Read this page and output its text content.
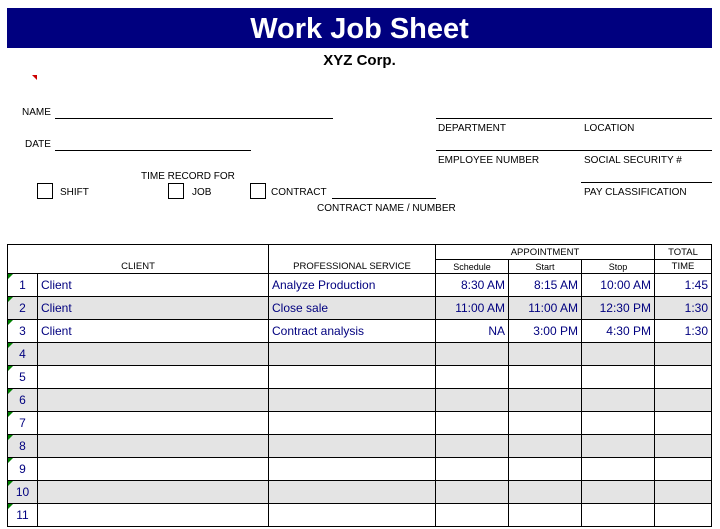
Work Job Sheet
XYZ Corp.
NAME
DATE
DEPARTMENT	LOCATION
EMPLOYEE NUMBER	SOCIAL SECURITY #
PAY CLASSIFICATION
TIME RECORD FOR
SHIFT	JOB	CONTRACT
CONTRACT NAME / NUMBER
CLIENT		PROFESSIONAL SERVICE	APPOINTMENT			TOTAL
			Schedule	Start	Stop	TIME

1	Client	Analyze Production	8:30 AM	8:15 AM	10:00 AM	1:45

2	Client	Close sale	11:00 AM	11:00 AM	12:30 PM	1:30

3	Client	Contract analysis	NA	3:00 PM	4:30 PM	1:30

4						

5						

6						

7						

8						

9						

10						

11						
